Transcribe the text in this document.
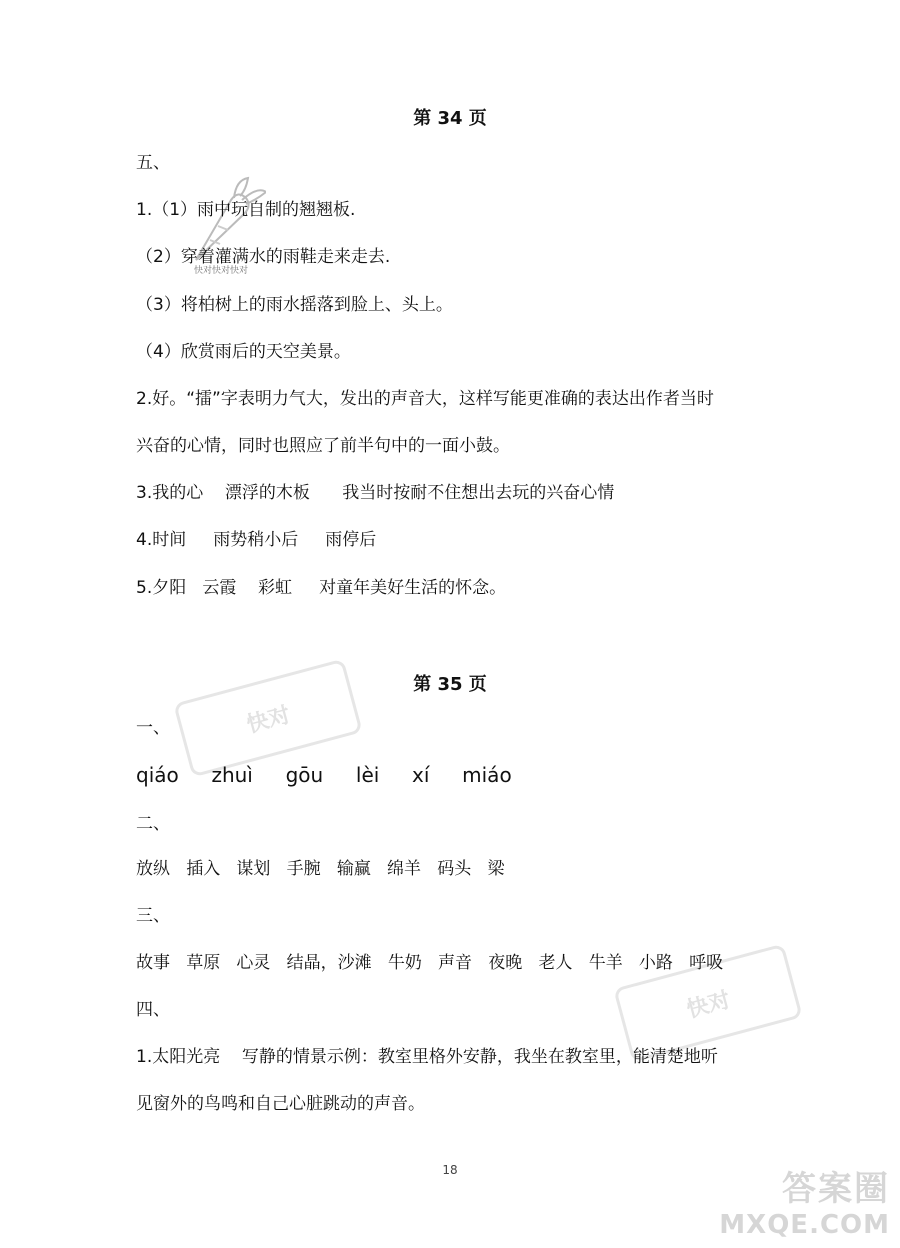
快对快对快对
快对
快对
第 34 页
五、
1.（1）雨中玩自制的翘翘板.
（2）穿着灌满水的雨鞋走来走去.
（3）将柏树上的雨水摇落到脸上、头上。
（4）欣赏雨后的天空美景。
2.好。“擂”字表明力气大，发出的声音大，这样写能更准确的表达出作者当时
兴奋的心情，同时也照应了前半句中的一面小鼓。
3.我的心    漂浮的木板      我当时按耐不住想出去玩的兴奋心情
4.时间     雨势稍小后     雨停后
5.夕阳   云霞    彩虹     对童年美好生活的怀念。
第 35 页
一、
qiáo  zhuì  gōu  lèi  xí  miáo
二、
放纵   插入   谋划   手腕   输赢   绵羊   码头   梁
三、
故事   草原   心灵   结晶，沙滩   牛奶   声音   夜晚   老人   牛羊   小路   呼吸
四、
1.太阳光亮    写静的情景示例：教室里格外安静，我坐在教室里，能清楚地听
见窗外的鸟鸣和自己心脏跳动的声音。
18	答案圈
MXQE.COM
